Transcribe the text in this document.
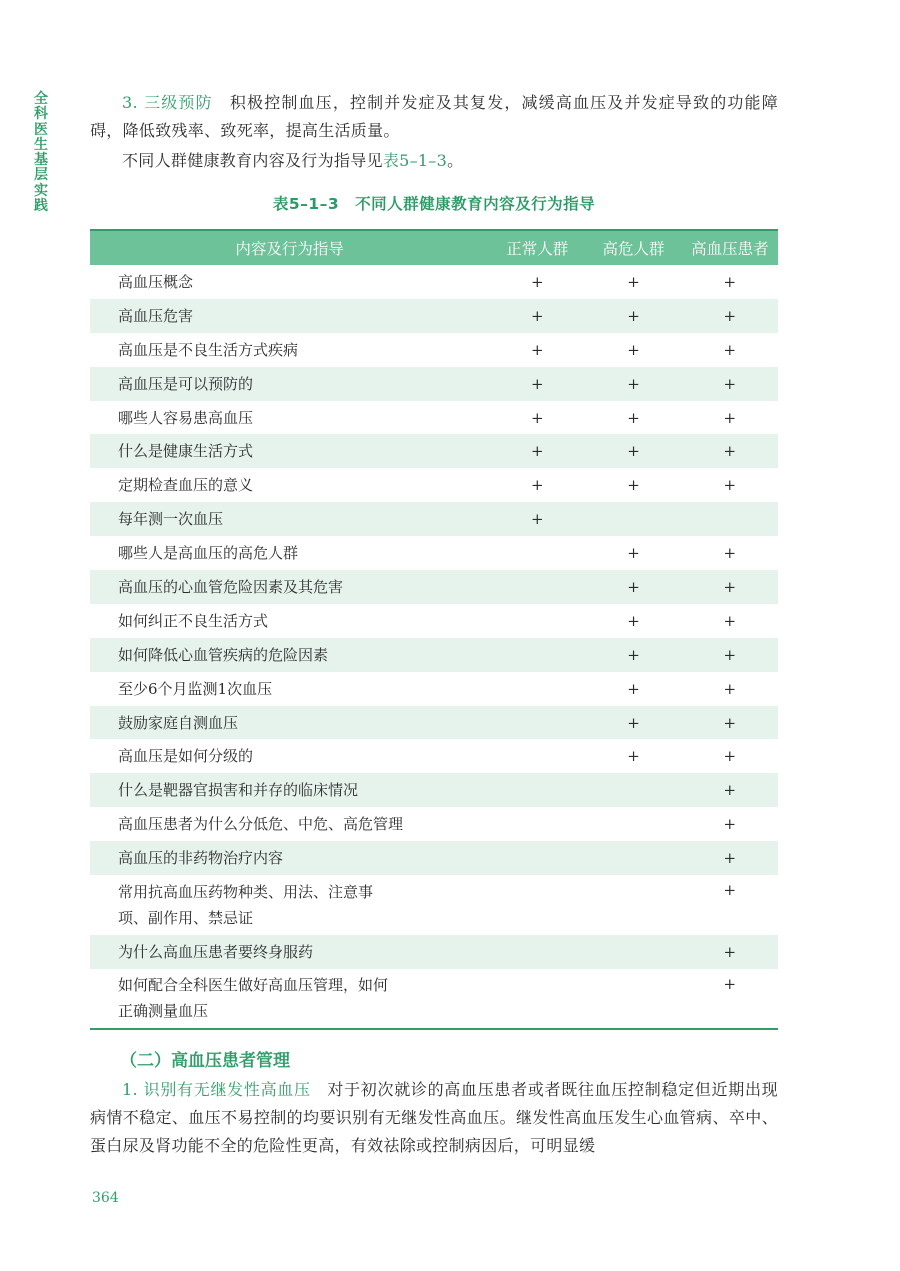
全科医生基层实践
3. 三级预防　 积极控制血压，控制并发症及其复发，减缓高血压及并发症导致的功能障碍，降低致残率、致死率，提高生活质量。
不同人群健康教育内容及行为指导见表5–1–3。
表5–1–3　不同人群健康教育内容及行为指导
内容及行为指导	正常人群	高危人群	高血压患者
高血压概念	+	+	+
高血压危害	+	+	+
高血压是不良生活方式疾病	+	+	+
高血压是可以预防的	+	+	+
哪些人容易患高血压	+	+	+
什么是健康生活方式	+	+	+
定期检查血压的意义	+	+	+
每年测一次血压	+		
哪些人是高血压的高危人群		+	+
高血压的心血管危险因素及其危害		+	+
如何纠正不良生活方式		+	+
如何降低心血管疾病的危险因素		+	+
至少6个月监测1次血压		+	+
鼓励家庭自测血压		+	+
高血压是如何分级的		+	+
什么是靶器官损害和并存的临床情况			+
高血压患者为什么分低危、中危、高危管理			+
高血压的非药物治疗内容			+
常用抗高血压药物种类、用法、注意事项、副作用、禁忌证			+
为什么高血压患者要终身服药			+
如何配合全科医生做好高血压管理，如何正确测量血压			+
（二）高血压患者管理
1. 识别有无继发性高血压　 对于初次就诊的高血压患者或者既往血压控制稳定但近期出现病情不稳定、血压不易控制的均要识别有无继发性高血压。继发性高血压发生心血管病、卒中、蛋白尿及肾功能不全的危险性更高，有效祛除或控制病因后，可明显缓
364
